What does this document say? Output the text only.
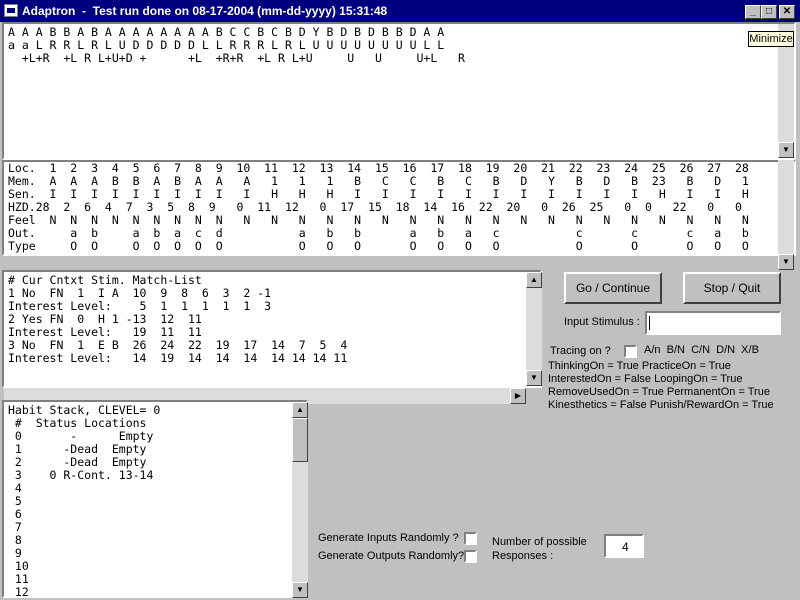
Adaptron  -  Test run done on 08-17-2004 (mm-dd-yyyy) 15:31:48	_	□	✕
A A A B B A B A A A A A A A A B C C B C B D Y B D B D B B D A A
a a L R R L R L U D D D D D L L R R R L R L U U U U U U U U L L
+L+R  +L R L+U+D +      +L  +R+R  +L R L+U     U   U     U+L   R
▼
Loc.  1  2  3  4  5  6  7  8  9  10  11  12  13  14  15  16  17  18  19  20  21  22  23  24  25  26  27  28
Mem.  A  A  A  B  B  A  B  A  A   A   1   1   1   B   C   C   B   C   B   D   Y   B   D   B  23   B   D   1
Sen.  I  I  I  I  I  I  I  I  I   I   H   H   H   I   I   I   I   I   I   I   I   I   I   I   H   I   I   H
HZD.28  2  6  4  7  3  5  8  9   0  11  12   0  17  15  18  14  16  22  20   0  26  25   0  0   22   0   0
Feel  N  N  N  N  N  N  N  N  N   N   N   N   N   N   N   N   N   N   N   N   N   N   N   N   N   N   N   N
Out.     a  b     a  b  a  c  d           a   b   b       a   b   a   c           c       c       c   a   b
Type     O  O     O  O  O  O  O           O   O   O       O   O   O   O           O       O       O   O   O
▼
# Cur Cntxt Stim. Match-List
1 No  FN  1  I A  10  9  8  6  3  2 -1
Interest Level:    5  1  1  1  1  1  3
2 Yes FN  0  H 1 -13  12  11
Interest Level:   19  11  11
3 No  FN  1  E B  26  24  22  19  17  14  7  5  4
Interest Level:   14  19  14  14  14  14 14 14 11
▲
▼
▶
Habit Stack, CLEVEL= 0
#  Status Locations
0       -      Empty
1      -Dead  Empty
2      -Dead  Empty
3    0 R-Cont. 13-14
4
5
6
7
8
9
10
11
12
▲
▼
Go / Continue	Stop / Quit
Input Stimulus :
Tracing on ?	A/n  B/N  C/N  D/N  X/B
ThinkingOn = True PracticeOn = True
InterestedOn = False LoopingOn = True
RemoveUsedOn = True PermanentOn = True
Kinesthetics = False Punish/RewardOn = True
Generate Inputs Randomly ?
Generate Outputs Randomly?
Number of possible
Responses :
4
Minimize
